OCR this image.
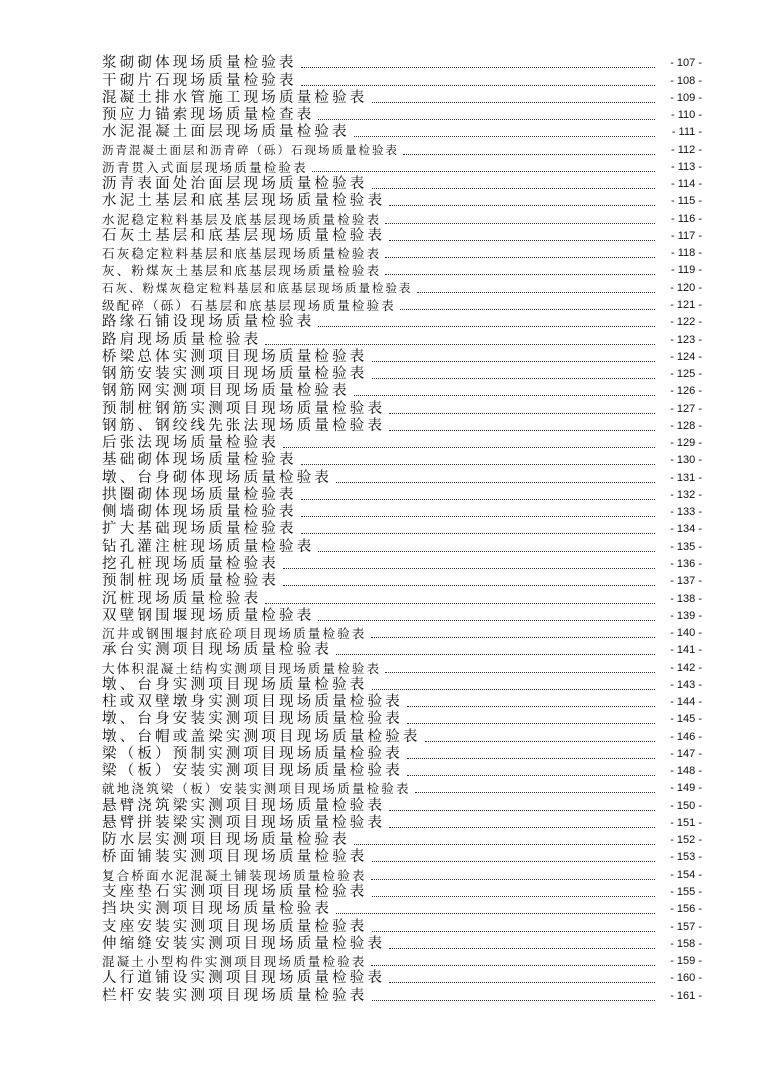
浆砌砌体现场质量检验表	- 107 -
干砌片石现场质量检验表	- 108 -
混凝土排水管施工现场质量检验表	- 109 -
预应力锚索现场质量检查表	- 110 -
水泥混凝土面层现场质量检验表	- 111 -
沥青混凝土面层和沥青碎（砾）石现场质量检验表	- 112 -
沥青贯入式面层现场质量检验表	- 113 -
沥青表面处治面层现场质量检验表	- 114 -
水泥土基层和底基层现场质量检验表	- 115 -
水泥稳定粒料基层及底基层现场质量检验表	- 116 -
石灰土基层和底基层现场质量检验表	- 117 -
石灰稳定粒料基层和底基层现场质量检验表	- 118 -
灰、粉煤灰土基层和底基层现场质量检验表	- 119 -
石灰、粉煤灰稳定粒料基层和底基层现场质量检验表	- 120 -
级配碎（砾）石基层和底基层现场质量检验表	- 121 -
路缘石铺设现场质量检验表	- 122 -
路肩现场质量检验表	- 123 -
桥梁总体实测项目现场质量检验表	- 124 -
钢筋安装实测项目现场质量检验表	- 125 -
钢筋网实测项目现场质量检验表	- 126 -
预制桩钢筋实测项目现场质量检验表	- 127 -
钢筋、钢绞线先张法现场质量检验表	- 128 -
后张法现场质量检验表	- 129 -
基础砌体现场质量检验表	- 130 -
墩、台身砌体现场质量检验表	- 131 -
拱圈砌体现场质量检验表	- 132 -
侧墙砌体现场质量检验表	- 133 -
扩大基础现场质量检验表	- 134 -
钻孔灌注桩现场质量检验表	- 135 -
挖孔桩现场质量检验表	- 136 -
预制桩现场质量检验表	- 137 -
沉桩现场质量检验表	- 138 -
双壁钢围堰现场质量检验表	- 139 -
沉井或钢围堰封底砼项目现场质量检验表	- 140 -
承台实测项目现场质量检验表	- 141 -
大体积混凝土结构实测项目现场质量检验表	- 142 -
墩、台身实测项目现场质量检验表	- 143 -
柱或双壁墩身实测项目现场质量检验表	- 144 -
墩、台身安装实测项目现场质量检验表	- 145 -
墩、台帽或盖梁实测项目现场质量检验表	- 146 -
梁（板）预制实测项目现场质量检验表	- 147 -
梁（板）安装实测项目现场质量检验表	- 148 -
就地浇筑梁（板）安装实测项目现场质量检验表	- 149 -
悬臂浇筑梁实测项目现场质量检验表	- 150 -
悬臂拼装梁实测项目现场质量检验表	- 151 -
防水层实测项目现场质量检验表	- 152 -
桥面铺装实测项目现场质量检验表	- 153 -
复合桥面水泥混凝土铺装现场质量检验表	- 154 -
支座垫石实测项目现场质量检验表	- 155 -
挡块实测项目现场质量检验表	- 156 -
支座安装实测项目现场质量检验表	- 157 -
伸缩缝安装实测项目现场质量检验表	- 158 -
混凝土小型构件实测项目现场质量检验表	- 159 -
人行道铺设实测项目现场质量检验表	- 160 -
栏杆安装实测项目现场质量检验表	- 161 -
